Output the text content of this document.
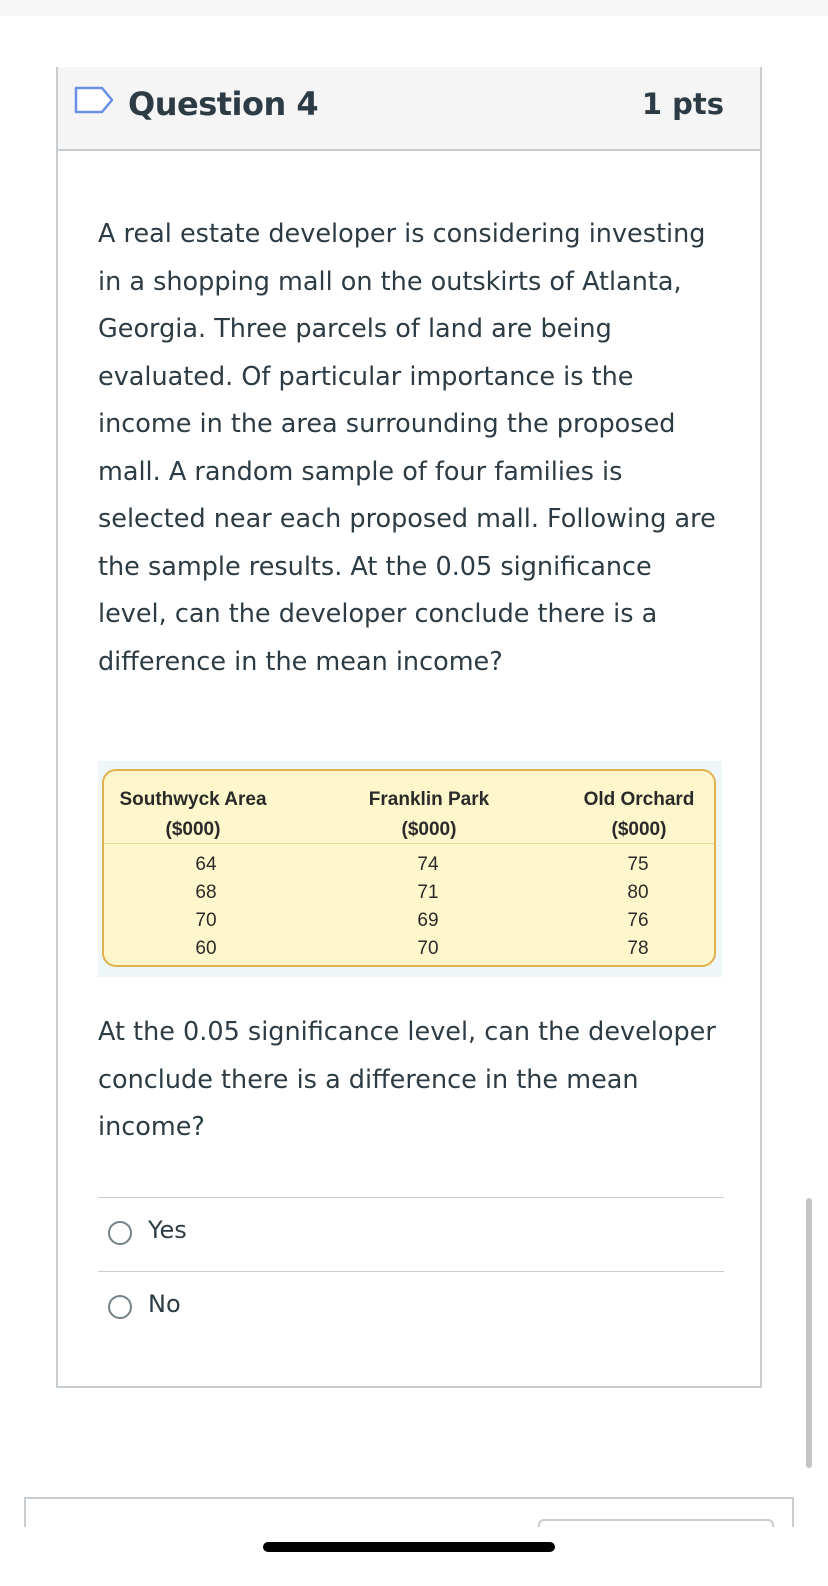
Question 4	1 pts

A real estate developer is considering investing in a shopping mall on the outskirts of Atlanta, Georgia. Three parcels of land are being evaluated. Of particular importance is the income in the area surrounding the proposed mall. A random sample of four families is selected near each proposed mall. Following are the sample results. At the 0.05 significance level, can the developer conclude there is a difference in the mean income?

Southwyck Area
($000)
Franklin Park
($000)
Old Orchard
($000)
64
68
70
60
74
71
69
70
75
80
76
78

At the 0.05 significance level, can the developer conclude there is a difference in the mean income?

Yes
No
